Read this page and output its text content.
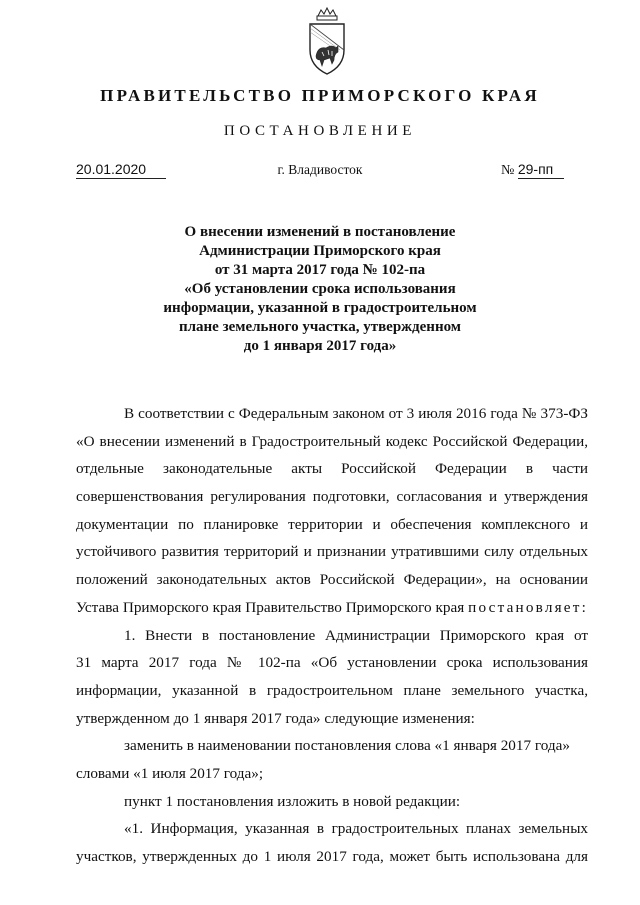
ПРАВИТЕЛЬСТВО ПРИМОРСКОГО КРАЯ
ПОСТАНОВЛЕНИЕ
20.01.2020	г. Владивосток	№ 29-пп
О внесении изменений в постановление
Администрации Приморского края
от 31 марта 2017 года № 102-па
«Об установлении срока использования
информации, указанной в градостроительном
плане земельного участка, утвержденном
до 1 января 2017 года»
В соответствии с Федеральным законом от 3 июля 2016 года № 373-ФЗ
«О внесении изменений в Градостроительный кодекс Российской Федерации,
отдельные законодательные акты Российской Федерации в части
совершенствования регулирования подготовки, согласования и утверждения
документации по планировке территории и обеспечения комплексного и
устойчивого развития территорий и признании утратившими силу отдельных
положений законодательных актов Российской Федерации», на основании
Устава Приморского края Правительство Приморского края постановляет:
1. Внести в постановление Администрации Приморского края от
31 марта 2017 года № 102-па «Об установлении срока использования
информации, указанной в градостроительном плане земельного участка,
утвержденном до 1 января 2017 года» следующие изменения:
заменить в наименовании постановления слова «1 января 2017 года»
словами «1 июля 2017 года»;
пункт 1 постановления изложить в новой редакции:
«1. Информация, указанная в градостроительных планах земельных
участков, утвержденных до 1 июля 2017 года, может быть использована для
